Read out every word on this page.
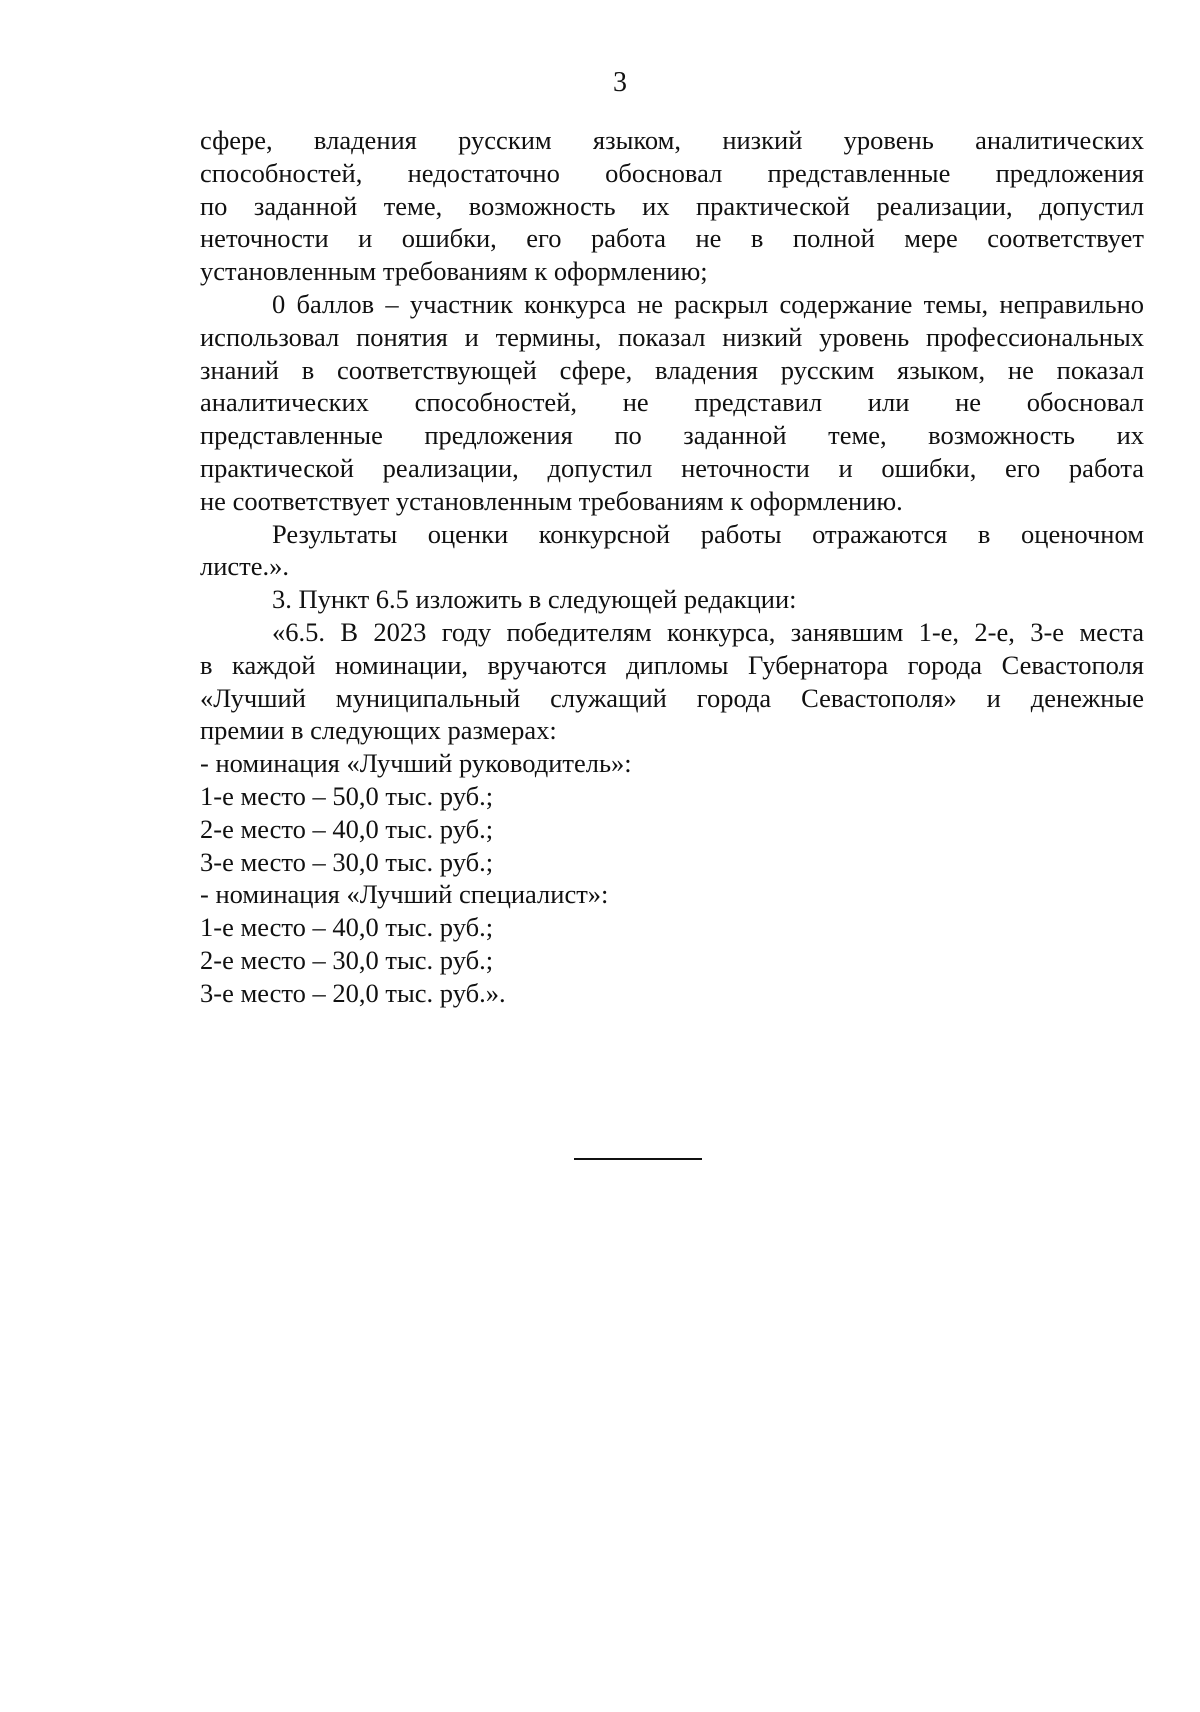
3

сфере, владения русским языком, низкий уровень аналитических

способностей, недостаточно обосновал представленные предложения

по заданной теме, возможность их практической реализации, допустил

неточности и ошибки, его работа не в полной мере соответствует

установленным требованиям к оформлению;

0 баллов – участник конкурса не раскрыл содержание темы, неправильно

использовал понятия и термины, показал низкий уровень профессиональных

знаний в соответствующей сфере, владения русским языком, не показал

аналитических способностей, не представил или не обосновал

представленные предложения по заданной теме, возможность их

практической реализации, допустил неточности и ошибки, его работа

не соответствует установленным требованиям к оформлению.

Результаты оценки конкурсной работы отражаются в оценочном

листе.».

3. Пункт 6.5 изложить в следующей редакции:

«6.5. В 2023 году победителям конкурса, занявшим 1-е, 2-е, 3-е места

в каждой номинации, вручаются дипломы Губернатора города Севастополя

«Лучший муниципальный служащий города Севастополя» и денежные

премии в следующих размерах:

- номинация «Лучший руководитель»:

1-е место – 50,0 тыс. руб.;

2-е место – 40,0 тыс. руб.;

3-е место – 30,0 тыс. руб.;

- номинация «Лучший специалист»:

1-е место – 40,0 тыс. руб.;

2-е место – 30,0 тыс. руб.;

3-е место – 20,0 тыс. руб.».
